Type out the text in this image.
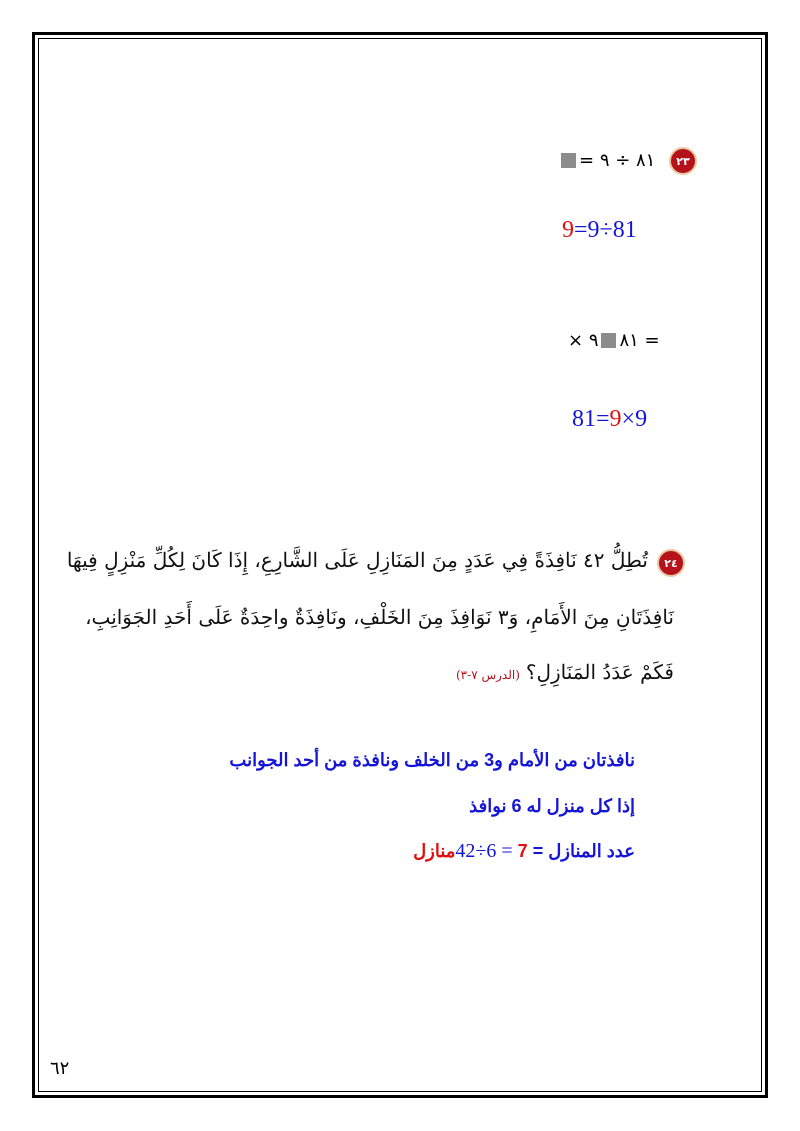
٢٣
٨١ ÷ ٩ =
9=9÷81
= ٨١٩ ×
81=9×9
٢٤
تُطِلُّ ٤٢ نَافِذَةً فِي عَدَدٍ مِنَ المَنَازِلِ عَلَى الشَّارِعِ، إِذَا كَانَ لِكُلِّ مَنْزِلٍ فِيهَا
نَافِذَتَانِ مِنَ الأَمَامِ، وَ٣ نَوَافِذَ مِنَ الخَلْفِ، ونَافِذَةٌ واحِدَةٌ عَلَى أَحَدِ الجَوَانِبِ،
فَكَمْ عَدَدُ المَنَازِلِ؟(الدرس ٧-٣)
نافذتان من الأمام و3 من الخلف ونافذة من أحد الجوانب
إذا كل منزل له 6 نوافذ
عدد المنازل = 42÷6 = 7منازل
٦٢
